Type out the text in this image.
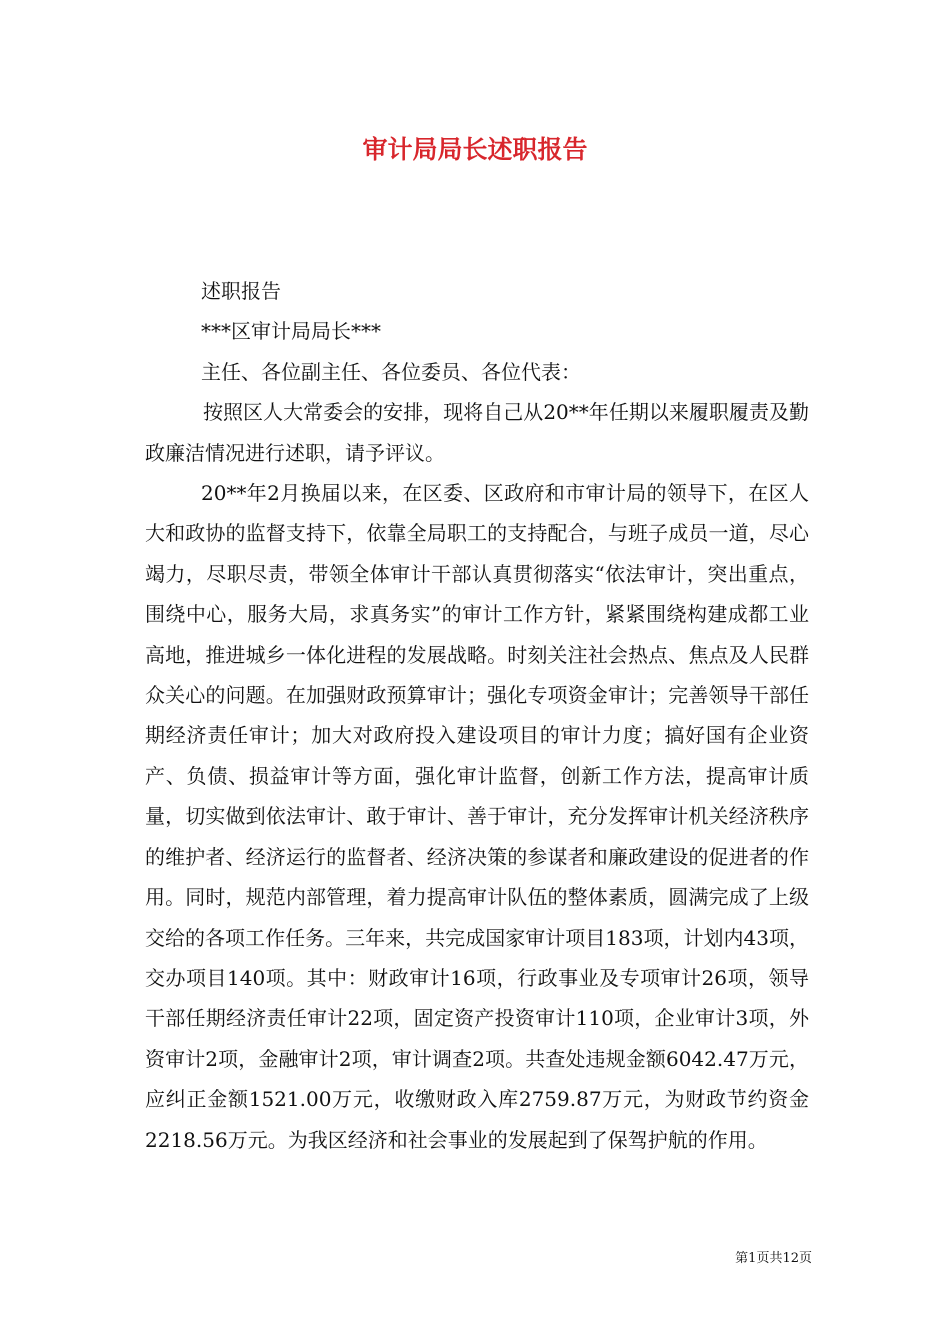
审计局局长述职报告

述职报告

***区审计局局长***

主任、各位副主任、各位委员、各位代表：

按照区人大常委会的安排，现将自己从20**年任期以来履职履责及勤政廉洁情况进行述职，请予评议。

20**年2月换届以来，在区委、区政府和市审计局的领导下，在区人大和政协的监督支持下，依靠全局职工的支持配合，与班子成员一道，尽心竭力，尽职尽责，带领全体审计干部认真贯彻落实“依法审计，突出重点，围绕中心，服务大局，求真务实”的审计工作方针，紧紧围绕构建成都工业高地，推进城乡一体化进程的发展战略。时刻关注社会热点、焦点及人民群众关心的问题。在加强财政预算审计；强化专项资金审计；完善领导干部任期经济责任审计；加大对政府投入建设项目的审计力度；搞好国有企业资产、负债、损益审计等方面，强化审计监督，创新工作方法，提高审计质量，切实做到依法审计、敢于审计、善于审计，充分发挥审计机关经济秩序的维护者、经济运行的监督者、经济决策的参谋者和廉政建设的促进者的作用。同时，规范内部管理，着力提高审计队伍的整体素质，圆满完成了上级交给的各项工作任务。三年来，共完成国家审计项目183项，计划内43项，交办项目140项。其中：财政审计16项，行政事业及专项审计26项，领导干部任期经济责任审计22项，固定资产投资审计110项，企业审计3项，外资审计2项，金融审计2项，审计调查2项。共查处违规金额6042.47万元，应纠正金额1521.00万元，收缴财政入库2759.87万元，为财政节约资金2218.56万元。为我区经济和社会事业的发展起到了保驾护航的作用。

第1页共12页
